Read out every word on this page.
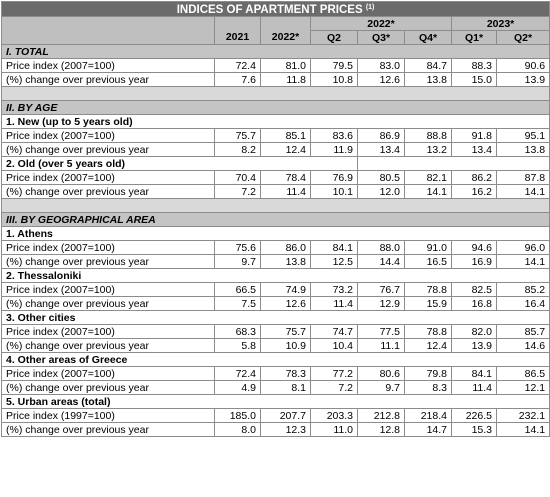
INDICES OF APARTMENT PRICES $^{(1)}$
	2021	2022*	2022*			2023*	
			Q2	Q3*	Q4*	Q1*	Q2*
I. TOTAL							
Price index (2007=100)	72.4	81.0	79.5	83.0	84.7	88.3	90.6
(%) change over previous year	7.6	11.8	10.8	12.6	13.8	15.0	13.9

II. BY AGE							
1. New (up to 5 years old)							
Price index (2007=100)	75.7	85.1	83.6	86.9	88.8	91.8	95.1
(%) change over previous year	8.2	12.4	11.9	13.4	13.2	13.4	13.8
2. Old (over 5 years old)							
Price index (2007=100)	70.4	78.4	76.9	80.5	82.1	86.2	87.8
(%) change over previous year	7.2	11.4	10.1	12.0	14.1	16.2	14.1

III. BY GEOGRAPHICAL AREA							
1. Athens							
Price index (2007=100)	75.6	86.0	84.1	88.0	91.0	94.6	96.0
(%) change over previous year	9.7	13.8	12.5	14.4	16.5	16.9	14.1
2. Thessaloniki							
Price index (2007=100)	66.5	74.9	73.2	76.7	78.8	82.5	85.2
(%) change over previous year	7.5	12.6	11.4	12.9	15.9	16.8	16.4
3. Other cities							
Price index (2007=100)	68.3	75.7	74.7	77.5	78.8	82.0	85.7
(%) change over previous year	5.8	10.9	10.4	11.1	12.4	13.9	14.6
4. Other areas of Greece							
Price index (2007=100)	72.4	78.3	77.2	80.6	79.8	84.1	86.5
(%) change over previous year	4.9	8.1	7.2	9.7	8.3	11.4	12.1
5. Urban areas (total)							
Price index (1997=100)	185.0	207.7	203.3	212.8	218.4	226.5	232.1
(%) change over previous year	8.0	12.3	11.0	12.8	14.7	15.3	14.1
